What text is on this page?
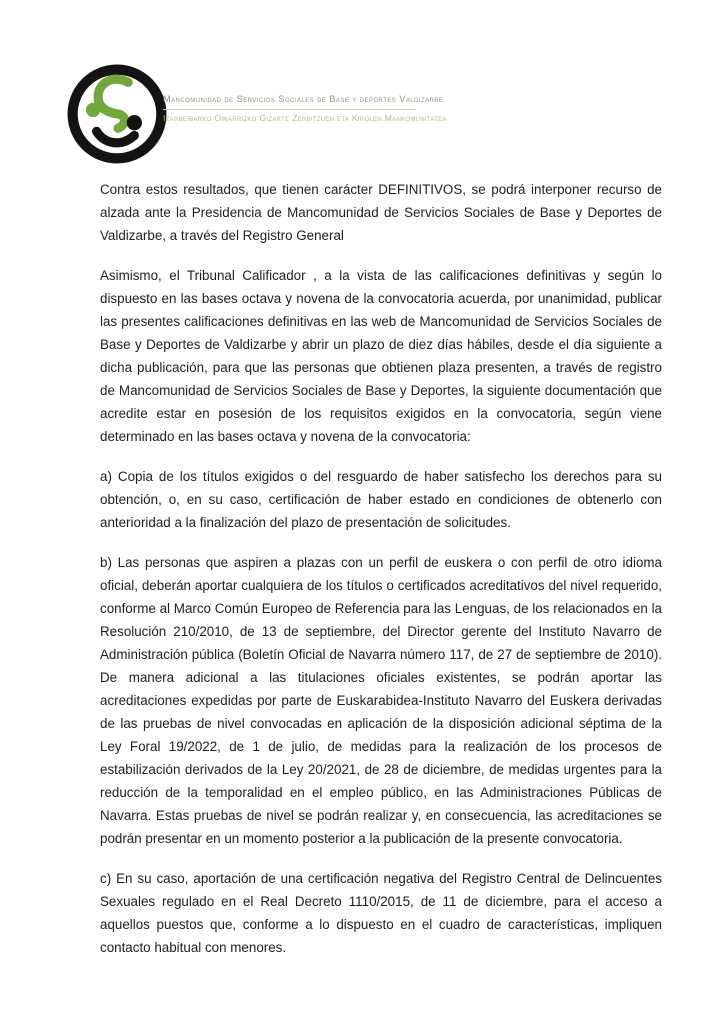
Mancomunidad de Servicios Sociales de Base y deportes Valdizarbe
Izarbeibarko Oinarrizko Gizarte Zerbitzuen eta Kirolen Mankomunitatea

Contra estos resultados, que tienen carácter DEFINITIVOS, se podrá interponer recurso de alzada ante la Presidencia de Mancomunidad de Servicios Sociales de Base y Deportes de Valdizarbe, a través del Registro General

Asimismo, el Tribunal Calificador , a la vista de las calificaciones definitivas y según lo dispuesto en las bases octava y novena de la convocatoria acuerda, por unanimidad, publicar las presentes calificaciones definitivas en las web de Mancomunidad de Servicios Sociales de Base y Deportes de Valdizarbe y abrir un plazo de diez días hábiles, desde el día siguiente a dicha publicación, para que las personas que obtienen plaza presenten, a través de registro de Mancomunidad de Servicios Sociales de Base y Deportes, la siguiente documentación que acredite estar en posesión de los requisitos exigidos en la convocatoria, según viene determinado en las bases octava y novena de la convocatoria:

a) Copia de los títulos exigidos o del resguardo de haber satisfecho los derechos para su obtención, o, en su caso, certificación de haber estado en condiciones de obtenerlo con anterioridad a la finalización del plazo de presentación de solicitudes.

b) Las personas que aspiren a plazas con un perfil de euskera o con perfil de otro idioma oficial, deberán aportar cualquiera de los títulos o certificados acreditativos del nivel requerido, conforme al Marco Común Europeo de Referencia para las Lenguas, de los relacionados en la Resolución 210/2010, de 13 de septiembre, del Director gerente del Instituto Navarro de Administración pública (Boletín Oficial de Navarra número 117, de 27 de septiembre de 2010). De manera adicional a las titulaciones oficiales existentes, se podrán aportar las acreditaciones expedidas por parte de Euskarabidea-Instituto Navarro del Euskera derivadas de las pruebas de nivel convocadas en aplicación de la disposición adicional séptima de la Ley Foral 19/2022, de 1 de julio, de medidas para la realización de los procesos de estabilización derivados de la Ley 20/2021, de 28 de diciembre, de medidas urgentes para la reducción de la temporalidad en el empleo público, en las Administraciones Públicas de Navarra. Estas pruebas de nivel se podrán realizar y, en consecuencia, las acreditaciones se podrán presentar en un momento posterior a la publicación de la presente convocatoria.

c) En su caso, aportación de una certificación negativa del Registro Central de Delincuentes Sexuales regulado en el Real Decreto 1110/2015, de 11 de diciembre, para el acceso a aquellos puestos que, conforme a lo dispuesto en el cuadro de características, impliquen contacto habitual con menores.
